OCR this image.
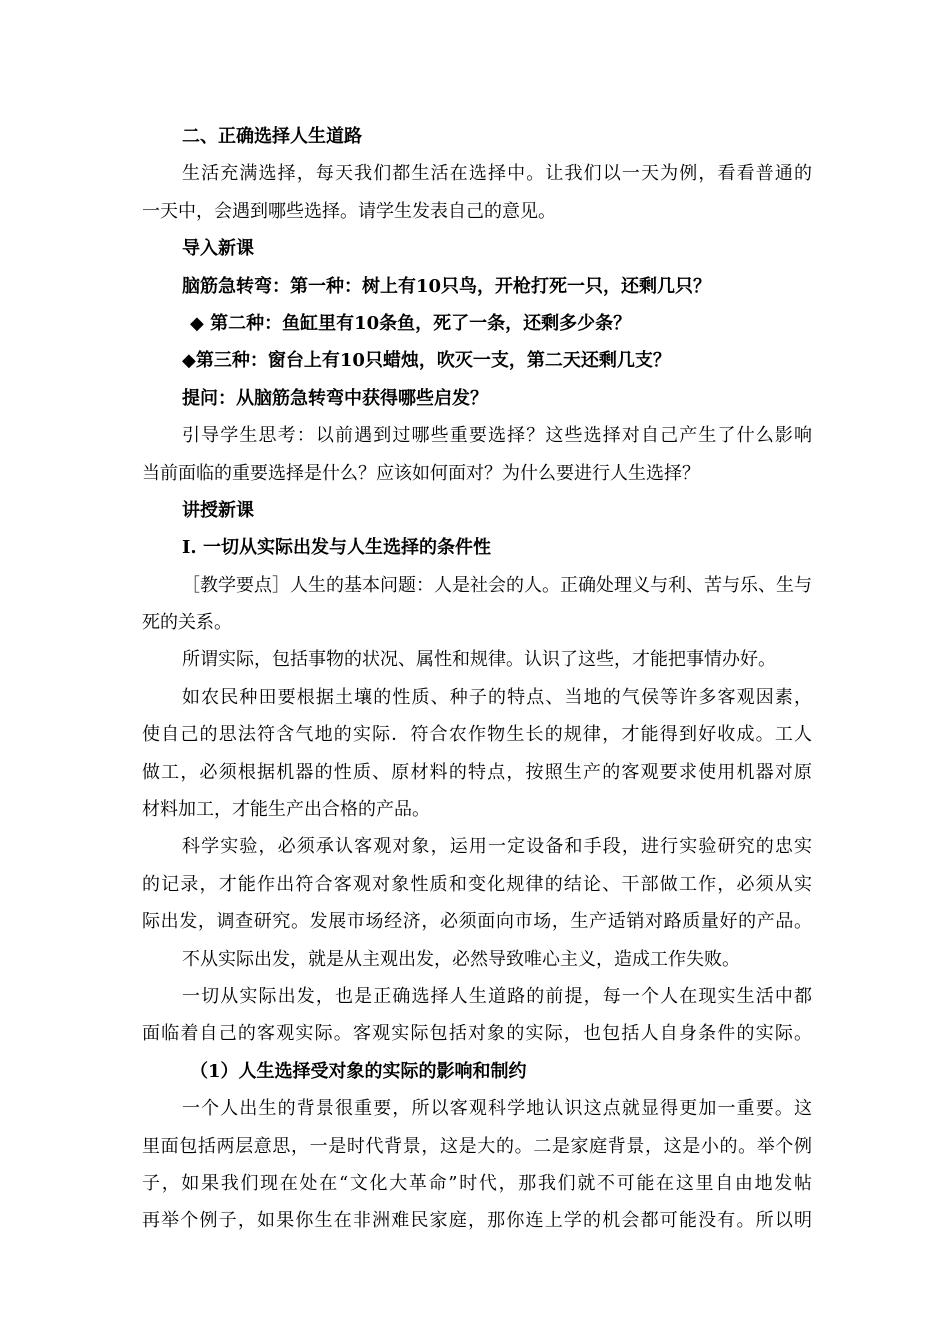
二、正确选择人生道路
生活充满选择，每天我们都生活在选择中。让我们以一天为例，看看普通的
一天中，会遇到哪些选择。请学生发表自己的意见。
导入新课
脑筋急转弯：第一种：树上有10只鸟，开枪打死一只，还剩几只？
◆ 第二种：鱼缸里有10条鱼，死了一条，还剩多少条？
◆第三种：窗台上有10只蜡烛，吹灭一支，第二天还剩几支？
提问：从脑筋急转弯中获得哪些启发？
引导学生思考：以前遇到过哪些重要选择？这些选择对自己产生了什么影响
当前面临的重要选择是什么？应该如何面对？为什么要进行人生选择？
讲授新课
I. 一切从实际出发与人生选择的条件性
［教学要点］人生的基本问题：人是社会的人。正确处理义与利、苦与乐、生与
死的关系。
所谓实际，包括事物的状况、属性和规律。认识了这些，才能把事情办好。
如农民种田要根据土壤的性质、种子的特点、当地的气侯等许多客观因素，
使自己的思法符含气地的实际．符合农作物生长的规律，才能得到好收成。工人
做工，必须根据机器的性质、原材料的特点，按照生产的客观要求使用机器对原
材料加工，才能生产出合格的产品。
科学实验，必须承认客观对象，运用一定设备和手段，进行实验研究的忠实
的记录，才能作出符合客观对象性质和变化规律的结论、干部做工作，必须从实
际出发，调查研究。发展市场经济，必须面向市场，生产适销对路质量好的产品。
不从实际出发，就是从主观出发，必然导致唯心主义，造成工作失败。
一切从实际出发，也是正确选择人生道路的前提，每一个人在现实生活中都
面临着自己的客观实际。客观实际包括对象的实际，也包括人自身条件的实际。
（1）人生选择受对象的实际的影响和制约
一个人出生的背景很重要，所以客观科学地认识这点就显得更加一重要。这
里面包括两层意思，一是时代背景，这是大的。二是家庭背景，这是小的。举个例
子，如果我们现在处在“文化大革命”时代，那我们就不可能在这里自由地发帖
再举个例子，如果你生在非洲难民家庭，那你连上学的机会都可能没有。所以明
